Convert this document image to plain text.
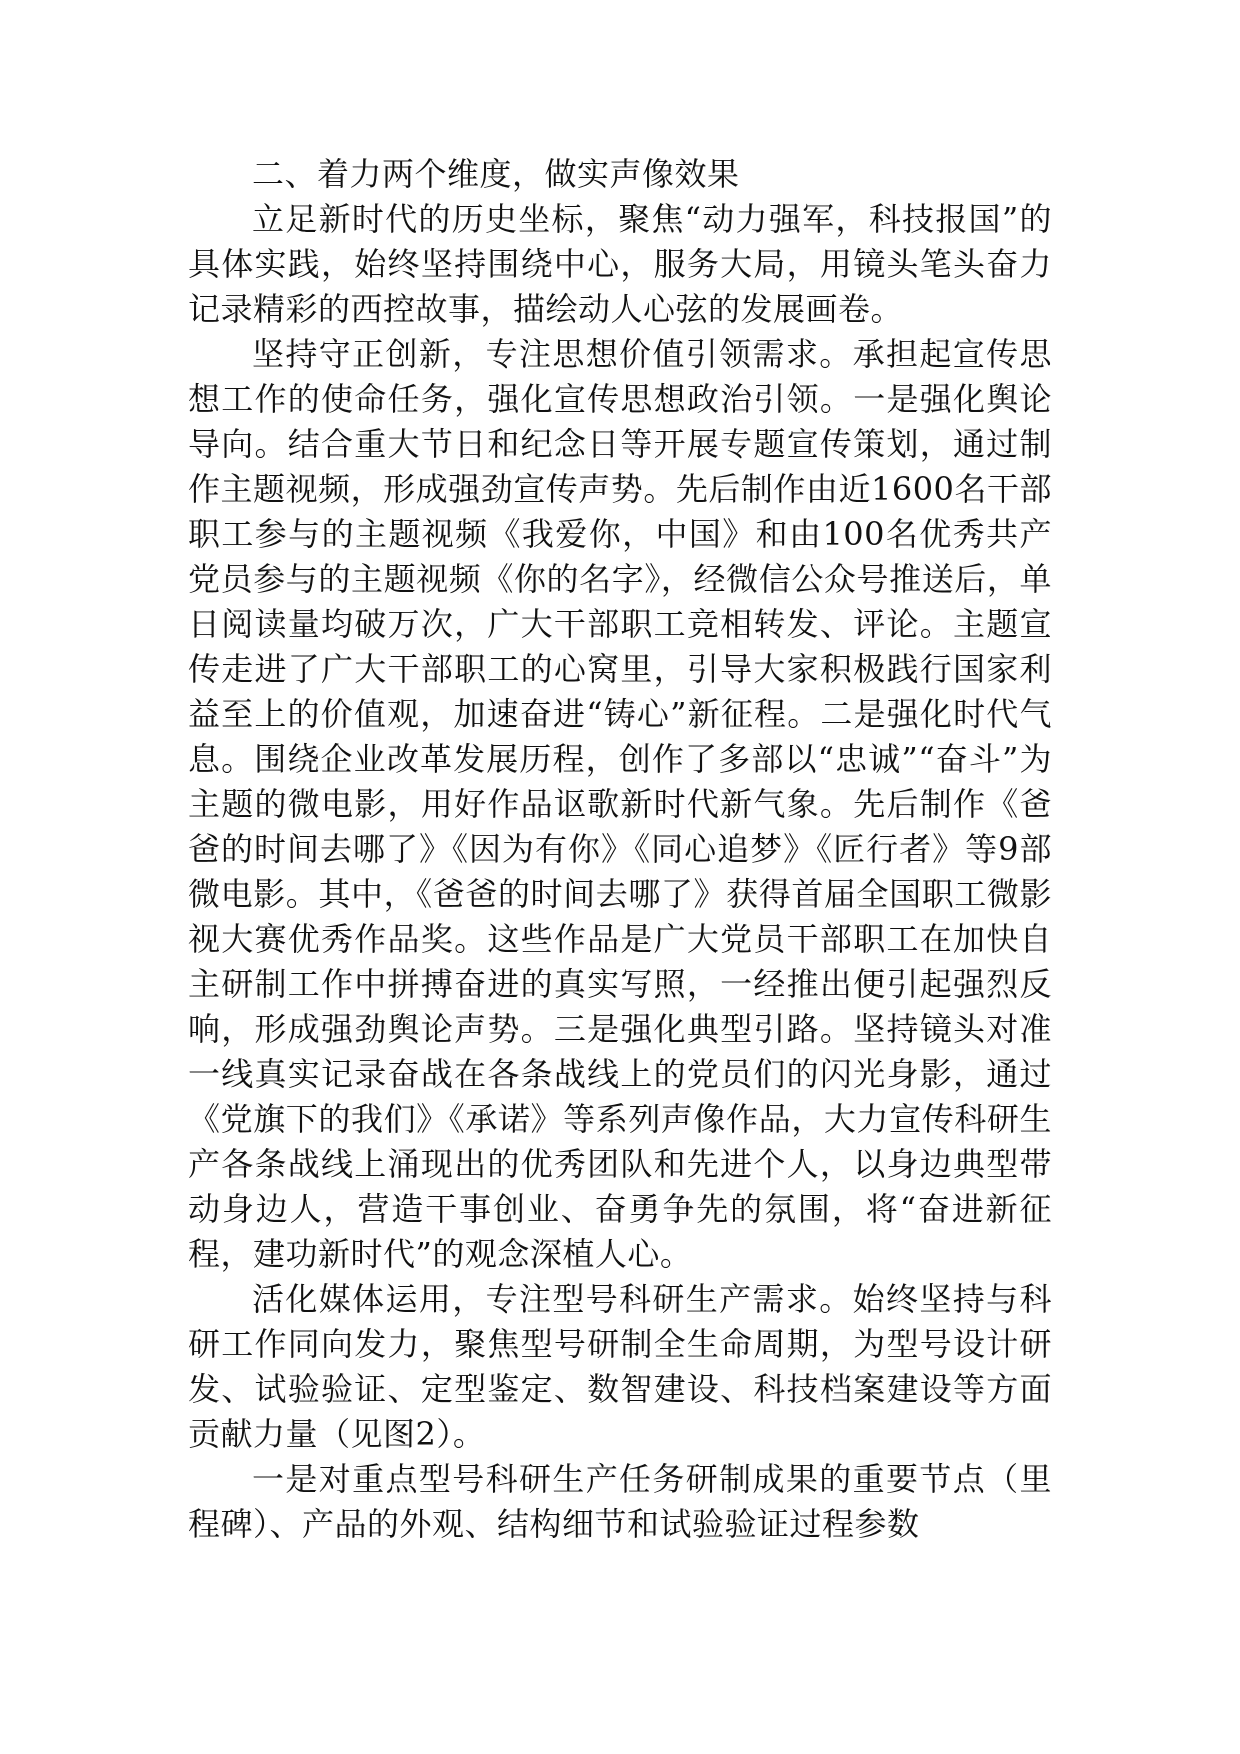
二、着力两个维度，做实声像效果

立足新时代的历史坐标，聚焦“动力强军，科技报国”的具体实践，始终坚持围绕中心，服务大局，用镜头笔头奋力记录精彩的西控故事，描绘动人心弦的发展画卷。

坚持守正创新，专注思想价值引领需求。承担起宣传思想工作的使命任务，强化宣传思想政治引领。一是强化舆论导向。结合重大节日和纪念日等开展专题宣传策划，通过制作主题视频，形成强劲宣传声势。先后制作由近1600名干部职工参与的主题视频《我爱你，中国》和由100名优秀共产党员参与的主题视频《你的名字》，经微信公众号推送后，单日阅读量均破万次，广大干部职工竞相转发、评论。主题宣传走进了广大干部职工的心窝里，引导大家积极践行国家利益至上的价值观，加速奋进“铸心”新征程。二是强化时代气息。围绕企业改革发展历程，创作了多部以“忠诚”“奋斗”为主题的微电影，用好作品讴歌新时代新气象。先后制作《爸爸的时间去哪了》《因为有你》《同心追梦》《匠行者》等9部微电影。其中，《爸爸的时间去哪了》获得首届全国职工微影视大赛优秀作品奖。这些作品是广大党员干部职工在加快自主研制工作中拼搏奋进的真实写照，一经推出便引起强烈反响，形成强劲舆论声势。三是强化典型引路。坚持镜头对准一线真实记录奋战在各条战线上的党员们的闪光身影，通过《党旗下的我们》《承诺》等系列声像作品，大力宣传科研生产各条战线上涌现出的优秀团队和先进个人，以身边典型带动身边人，营造干事创业、奋勇争先的氛围，将“奋进新征程，建功新时代”的观念深植人心。

活化媒体运用，专注型号科研生产需求。始终坚持与科研工作同向发力，聚焦型号研制全生命周期，为型号设计研发、试验验证、定型鉴定、数智建设、科技档案建设等方面贡献力量（见图2）。

一是对重点型号科研生产任务研制成果的重要节点（里程碑）、产品的外观、结构细节和试验验证过程参数
